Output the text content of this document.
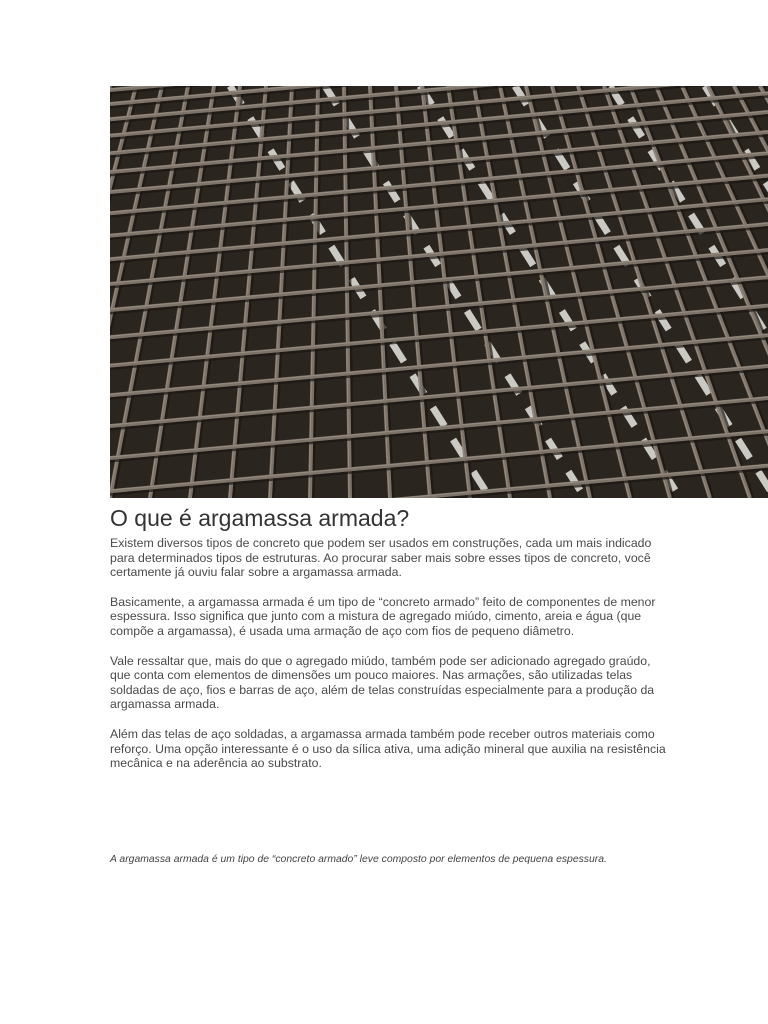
O que é argamassa armada?

Existem diversos tipos de concreto que podem ser usados em construções, cada um mais indicado para determinados tipos de estruturas. Ao procurar saber mais sobre esses tipos de concreto, você certamente já ouviu falar sobre a argamassa armada.

Basicamente, a argamassa armada é um tipo de “concreto armado” feito de componentes de menor espessura. Isso significa que junto com a mistura de agregado miúdo, cimento, areia e água (que compõe a argamassa), é usada uma armação de aço com fios de pequeno diâmetro.

Vale ressaltar que, mais do que o agregado miúdo, também pode ser adicionado agregado graúdo, que conta com elementos de dimensões um pouco maiores. Nas armações, são utilizadas telas soldadas de aço, fios e barras de aço, além de telas construídas especialmente para a produção da argamassa armada.

Além das telas de aço soldadas, a argamassa armada também pode receber outros materiais como reforço. Uma opção interessante é o uso da sílica ativa, uma adição mineral que auxilia na resistência mecânica e na aderência ao substrato.

A argamassa armada é um tipo de “concreto armado” leve composto por elementos de pequena espessura.
